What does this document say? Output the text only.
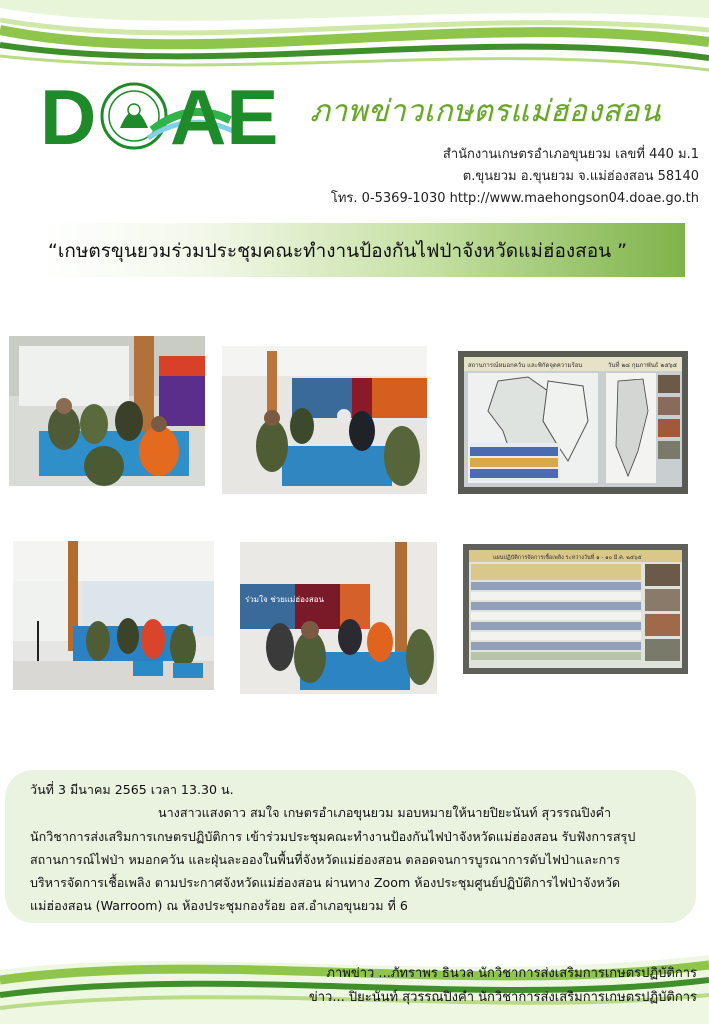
D AE ภาพข่าวเกษตรแม่ฮ่องสอน
สำนักงานเกษตรอำเภอขุนยวม เลขที่ 440 ม.1
ต.ขุนยวม อ.ขุนยวม จ.แม่ฮ่องสอน 58140
โทร. 0-5369-1030 http://www.maehongson04.doae.go.th
“เกษตรขุนยวมร่วมประชุมคณะทำงานป้องกันไฟป่าจังหวัดแม่ฮ่องสอน ”
สถานการณ์หมอกควัน และพิกัดจุดความร้อน	วันที่ ๒๘ กุมภาพันธ์ ๒๕๖๕
ร่วมใจ ช่วยแม่ฮ่องสอน
แผนปฏิบัติการจัดการเชื้อเพลิง ระหว่างวันที่ ๑ - ๑๐ มี.ค. ๒๕๖๕

วันที่ 3 มีนาคม 2565 เวลา 13.30 น.

นางสาวแสงดาว สมใจ เกษตรอำเภอขุนยวม มอบหมายให้นายปิยะนันท์ สุวรรณปิงคำ

นักวิชาการส่งเสริมการเกษตรปฏิบัติการ เข้าร่วมประชุมคณะทำงานป้องกันไฟป่าจังหวัดแม่ฮ่องสอน รับฟังการสรุป

สถานการณ์ไฟป่า หมอกควัน และฝุ่นละอองในพื้นที่จังหวัดแม่ฮ่องสอน ตลอดจนการบูรณาการดับไฟป่าและการ

บริหารจัดการเชื้อเพลิง ตามประกาศจังหวัดแม่ฮ่องสอน ผ่านทาง Zoom ห้องประชุมศูนย์ปฏิบัติการไฟป่าจังหวัด

แม่ฮ่องสอน (Warroom) ณ ห้องประชุมกองร้อย อส.อำเภอขุนยวม ที่ 6

ภาพข่าว ...ภัทราพร ธินวล นักวิชาการส่งเสริมการเกษตรปฏิบัติการ
ข่าว... ปิยะนันท์ สุวรรณปิงคำ นักวิชาการส่งเสริมการเกษตรปฏิบัติการ
